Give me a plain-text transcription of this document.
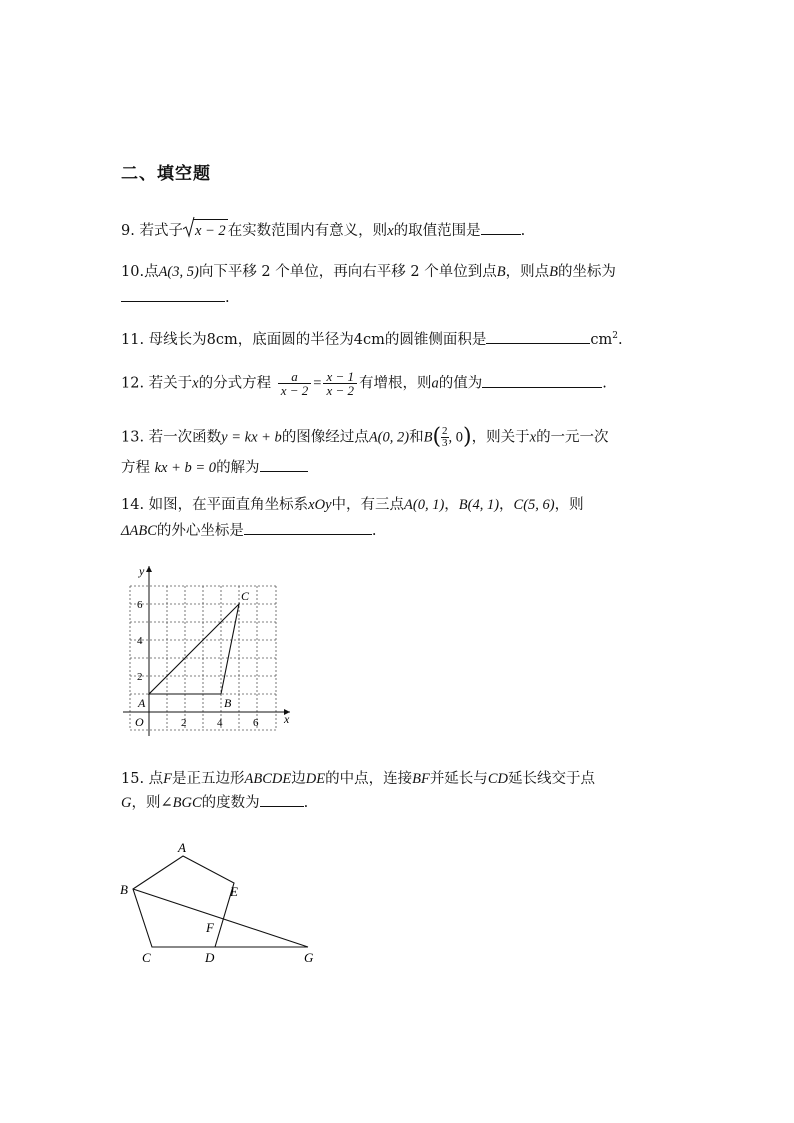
二、填空题
9. 若式子 x − 2 在实数范围内有意义，则x的取值范围是	.
10.点A(3, 5)向下平移 2 个单位，再向右平移 2 个单位到点B，则点B的坐标为
.
11. 母线长为8cm，底面圆的半径为4cm的圆锥侧面积是	$cm^2$.
12. 若关于x的分式方程 $\frac{a}{x - 2} = \frac{x - 1}{x - 2}$ 有增根，则a的值为	.
13. 若一次函数y = kx + b的图像经过点A(0, 2)和$B( \frac{2}{3}$ , 0)，则关于x的一元一次
方程 kx + b = 0的解为
14. 如图，在平面直角坐标系xOy中，有三点A(0, 1)，B(4, 1)，C(5, 6)，则
ΔABC的外心坐标是	.
y
x
O	2	4	6
2
4
6
A	B
C
15. 点F是正五边形ABCDE边DE的中点，连接BF并延长与CD延长线交于点
G，则∠BGC的度数为	.
A
B
C	D
E
F
G
